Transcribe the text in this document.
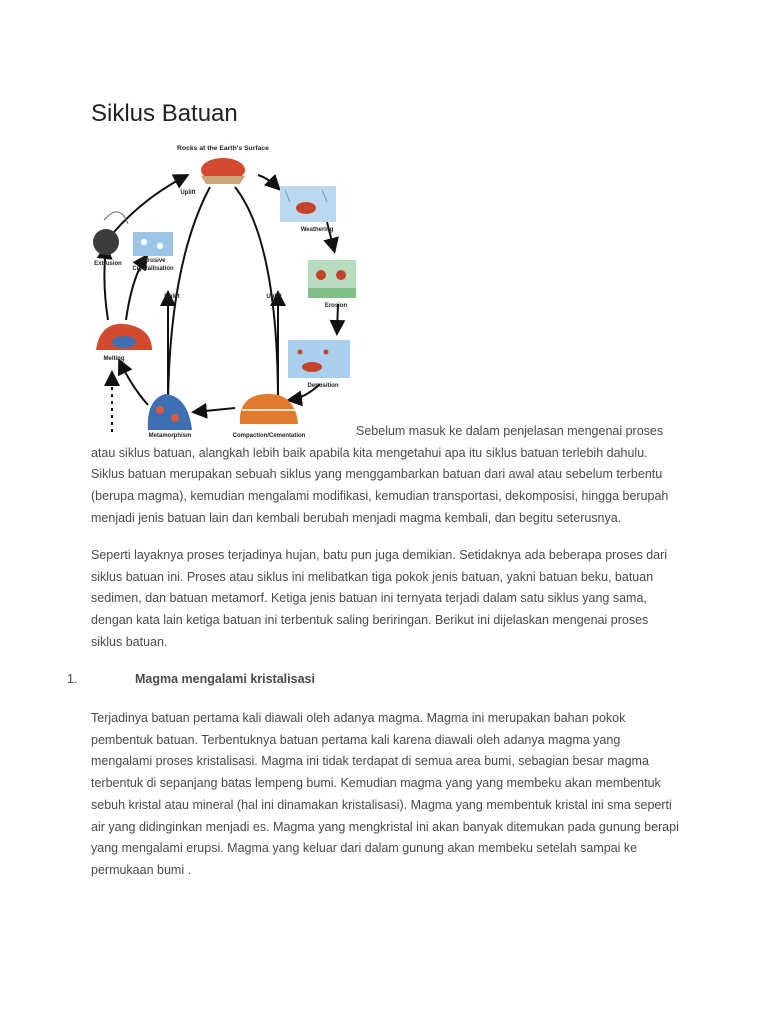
Siklus Batuan
Rocks at the Earth's Surface
Weathering
Erosion
Deposition
Compaction/Cementation
Metamorphism
Melting
Extrusion	Intrusive
Crystallisation
Uplift
Uplift	Uplift

Sebelum masuk ke dalam penjelasan mengenai proses atau siklus batuan, alangkah lebih baik apabila kita mengetahui apa itu siklus batuan terlebih dahulu. Siklus batuan merupakan sebuah siklus yang menggambarkan batuan dari awal atau sebelum terbentu (berupa magma), kemudian mengalami modifikasi, kemudian transportasi, dekomposisi, hingga berupah menjadi jenis batuan lain dan kembali berubah menjadi magma kembali, dan begitu seterusnya.

Seperti layaknya proses terjadinya hujan, batu pun juga demikian. Setidaknya ada beberapa proses dari siklus batuan ini. Proses atau siklus ini melibatkan tiga pokok jenis batuan, yakni batuan beku, batuan sedimen, dan batuan metamorf. Ketiga jenis batuan ini ternyata terjadi dalam satu siklus yang sama, dengan kata lain ketiga batuan ini terbentuk saling beriringan. Berikut ini dijelaskan mengenai proses siklus batuan.

1.	Magma mengalami kristalisasi

Terjadinya batuan pertama kali diawali oleh adanya magma. Magma ini merupakan bahan pokok pembentuk batuan. Terbentuknya batuan pertama kali karena diawali oleh adanya magma yang mengalami proses kristalisasi. Magma ini tidak terdapat di semua area bumi, sebagian besar magma terbentuk di sepanjang batas lempeng bumi. Kemudian magma yang yang membeku akan membentuk sebuh kristal atau mineral (hal ini dinamakan kristalisasi). Magma yang membentuk kristal ini sma seperti air yang didinginkan menjadi es. Magma yang mengkristal ini akan banyak ditemukan pada gunung berapi yang mengalami erupsi. Magma yang keluar dari dalam gunung akan membeku setelah sampai ke permukaan bumi .
